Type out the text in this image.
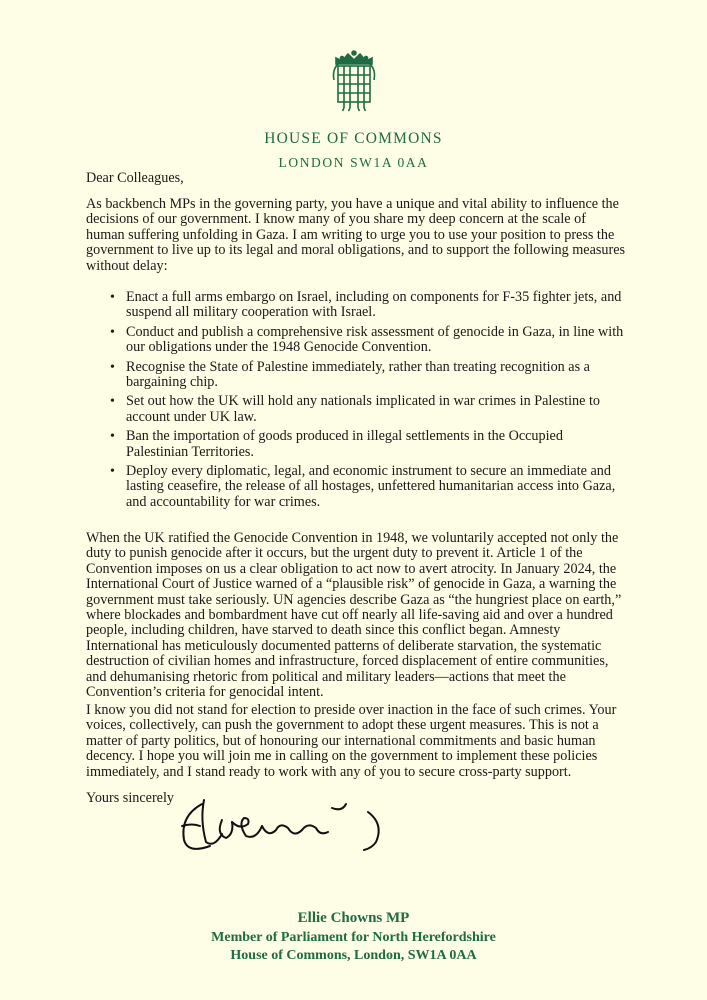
HOUSE OF COMMONS
LONDON SW1A 0AA
Dear Colleagues,
As backbench MPs in the governing party, you have a unique and vital ability to influence the decisions of our government. I know many of you share my deep concern at the scale of human suffering unfolding in Gaza. I am writing to urge you to use your position to press the government to live up to its legal and moral obligations, and to support the following measures without delay:
• Enact a full arms embargo on Israel, including on components for F-35 fighter jets, and suspend all military cooperation with Israel.
• Conduct and publish a comprehensive risk assessment of genocide in Gaza, in line with our obligations under the 1948 Genocide Convention.
• Recognise the State of Palestine immediately, rather than treating recognition as a bargaining chip.
• Set out how the UK will hold any nationals implicated in war crimes in Palestine to account under UK law.
• Ban the importation of goods produced in illegal settlements in the Occupied Palestinian Territories.
• Deploy every diplomatic, legal, and economic instrument to secure an immediate and lasting ceasefire, the release of all hostages, unfettered humanitarian access into Gaza, and accountability for war crimes.
When the UK ratified the Genocide Convention in 1948, we voluntarily accepted not only the duty to punish genocide after it occurs, but the urgent duty to prevent it. Article 1 of the Convention imposes on us a clear obligation to act now to avert atrocity. In January 2024, the International Court of Justice warned of a “plausible risk” of genocide in Gaza, a warning the government must take seriously. UN agencies describe Gaza as “the hungriest place on earth,” where blockades and bombardment have cut off nearly all life-saving aid and over a hundred people, including children, have starved to death since this conflict began. Amnesty International has meticulously documented patterns of deliberate starvation, the systematic destruction of civilian homes and infrastructure, forced displacement of entire communities, and dehumanising rhetoric from political and military leaders—actions that meet the Convention’s criteria for genocidal intent.
I know you did not stand for election to preside over inaction in the face of such crimes. Your voices, collectively, can push the government to adopt these urgent measures. This is not a matter of party politics, but of honouring our international commitments and basic human decency. I hope you will join me in calling on the government to implement these policies immediately, and I stand ready to work with any of you to secure cross-party support.
Yours sincerely
Ellie Chowns MP
Member of Parliament for North Herefordshire
House of Commons, London, SW1A 0AA
